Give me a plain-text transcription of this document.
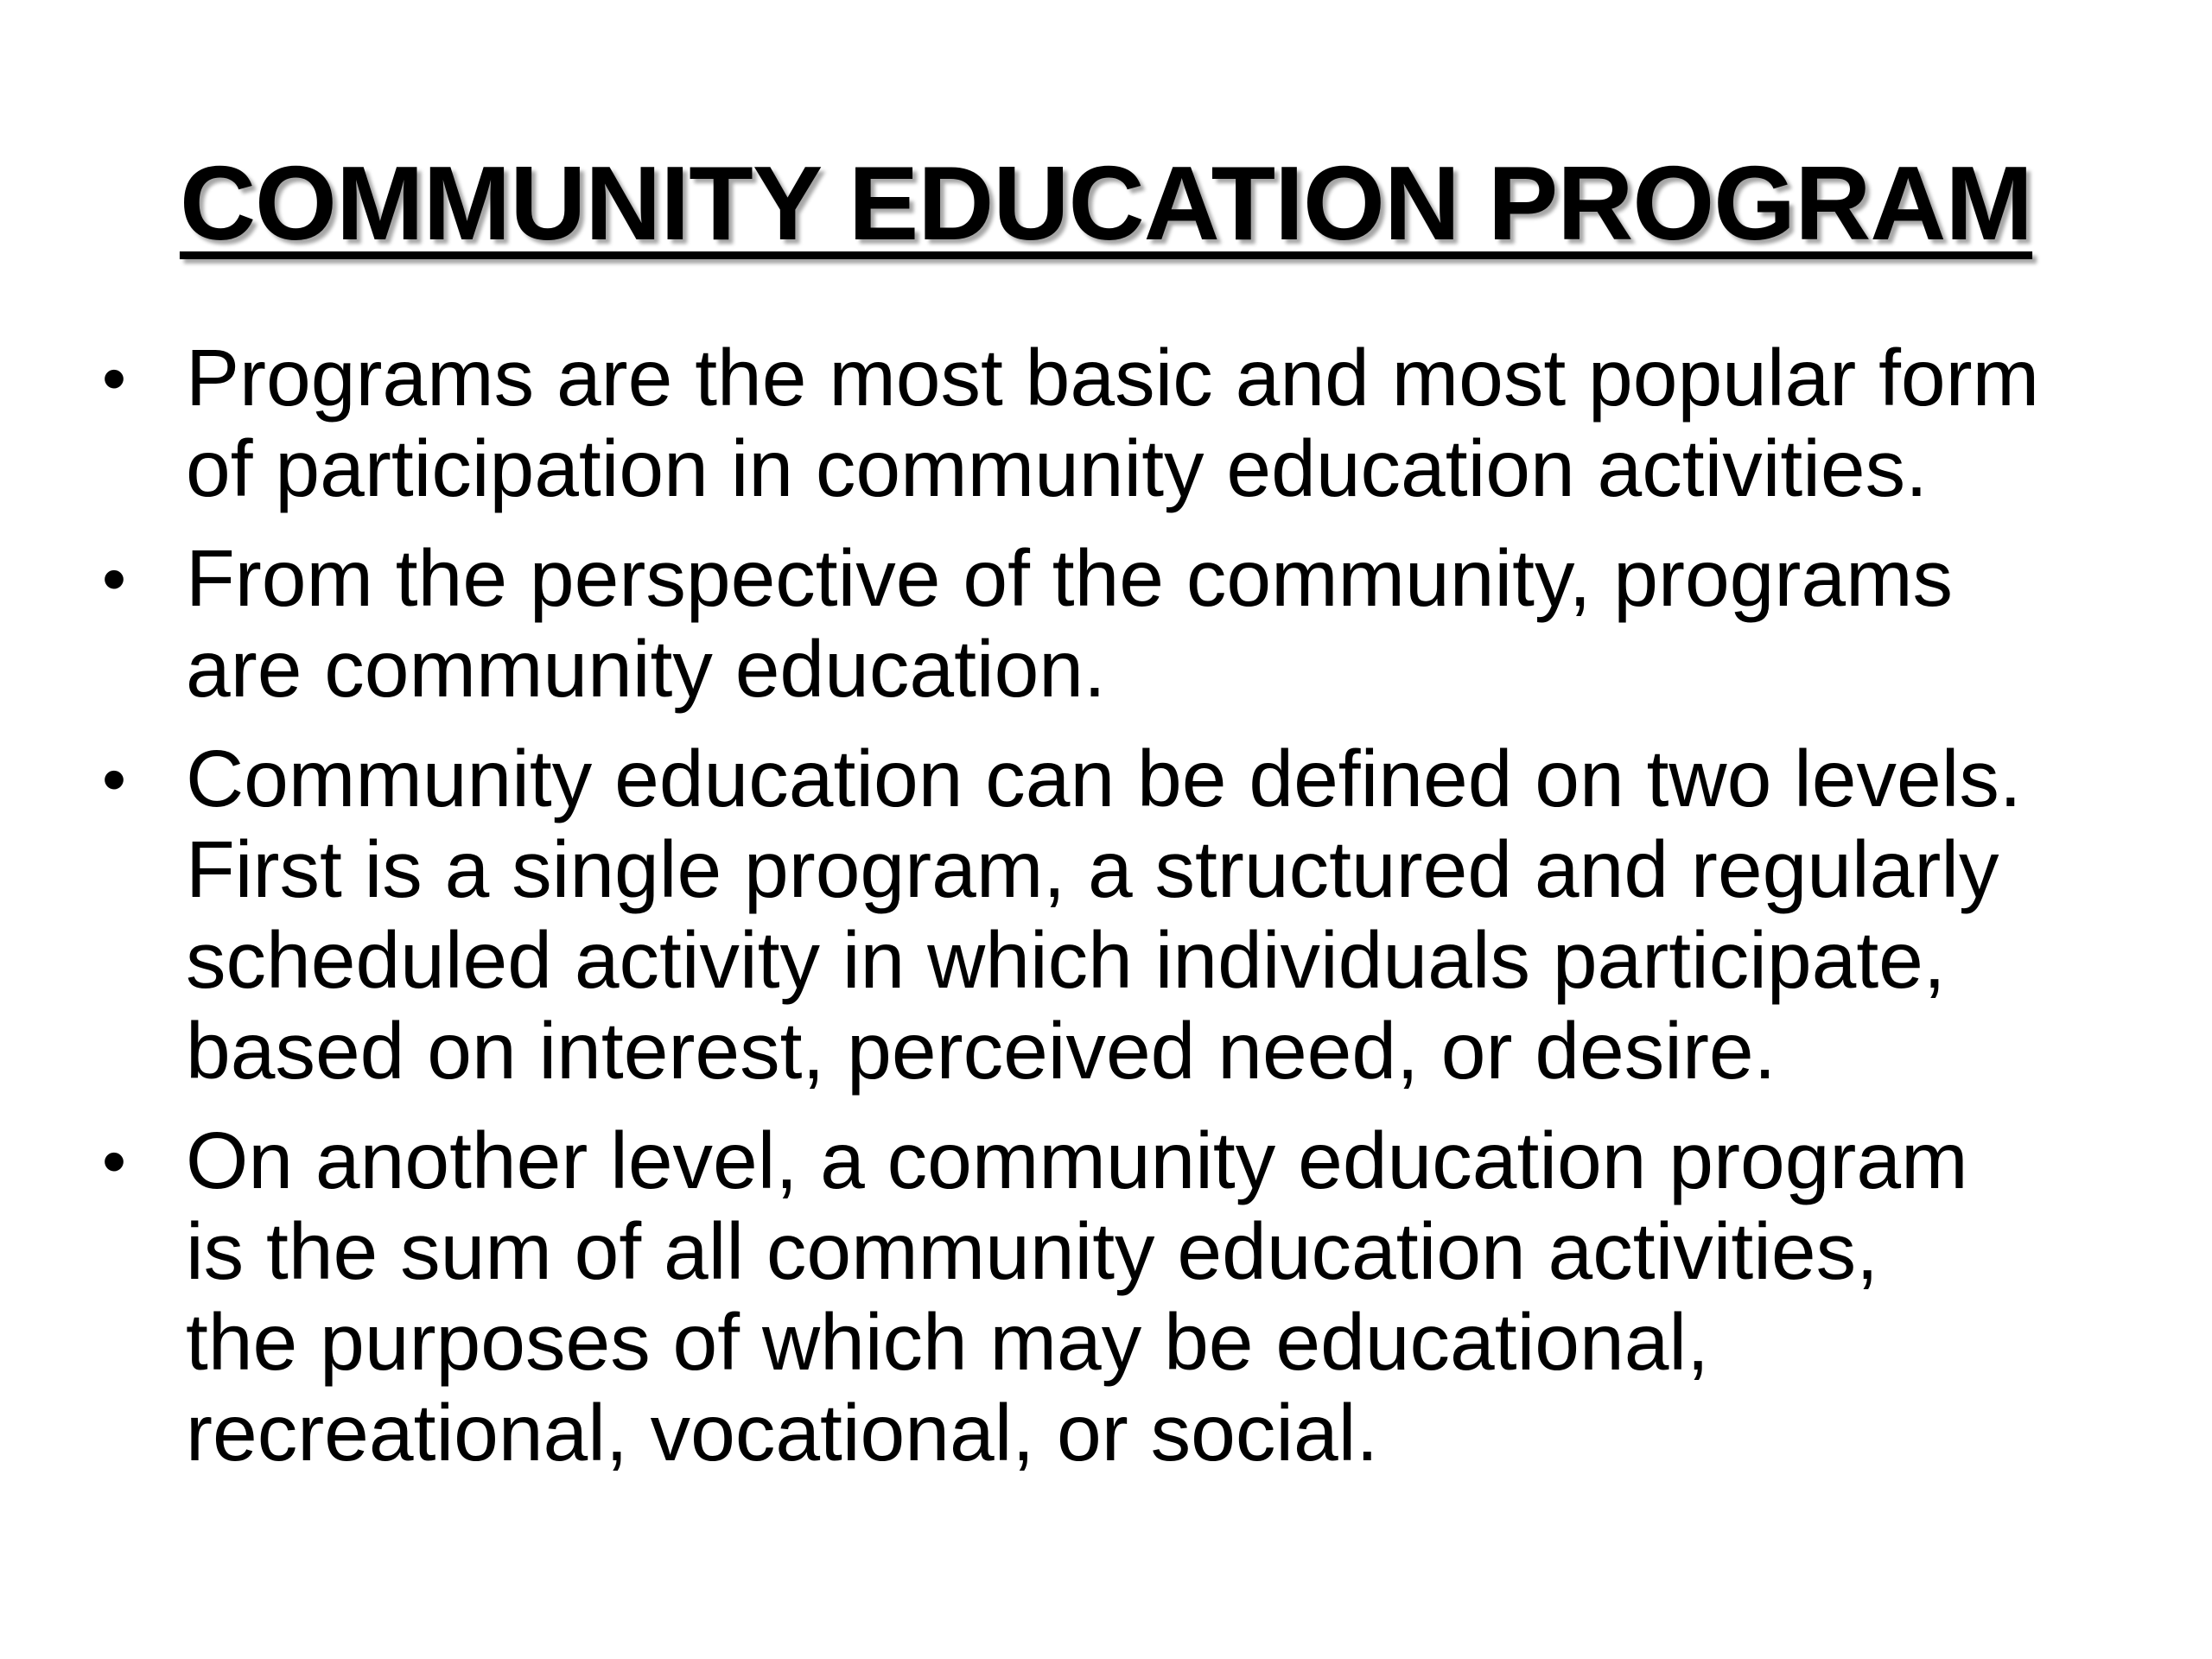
COMMUNITY EDUCATION PROGRAM
• Programs are the most basic and most popular form
of participation in community education activities.
• From the perspective of the community, programs
are community education.
• Community education can be defined on two levels.
First is a single program, a structured and regularly
scheduled activity in which individuals participate,
based on interest, perceived need, or desire.
• On another level, a community education program
is the sum of all community education activities,
the purposes of which may be educational,
recreational, vocational, or social.
